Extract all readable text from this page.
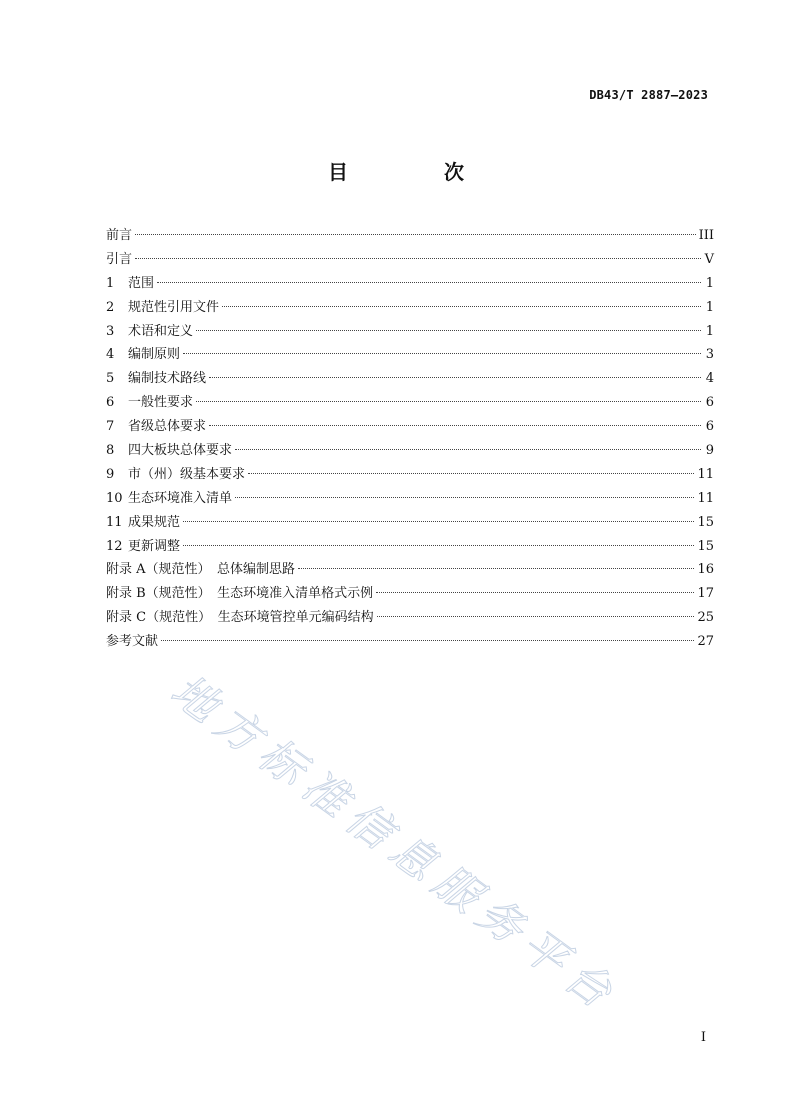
DB43/T 2887—2023
目　次
前言	III
引言	V
1	范围	1
2	规范性引用文件	1
3	术语和定义	1
4	编制原则	3
5	编制技术路线	4
6	一般性要求	6
7	省级总体要求	6
8	四大板块总体要求	9
9	市（州）级基本要求	11
10 生态环境准入清单	11
11 成果规范	15
12 更新调整	15
附录 A（规范性）　总体编制思路	16
附录 B（规范性）　生态环境准入清单格式示例	17
附录 C（规范性）　生态环境管控单元编码结构	25
参考文献	27
地方标准信息服务平台
I
